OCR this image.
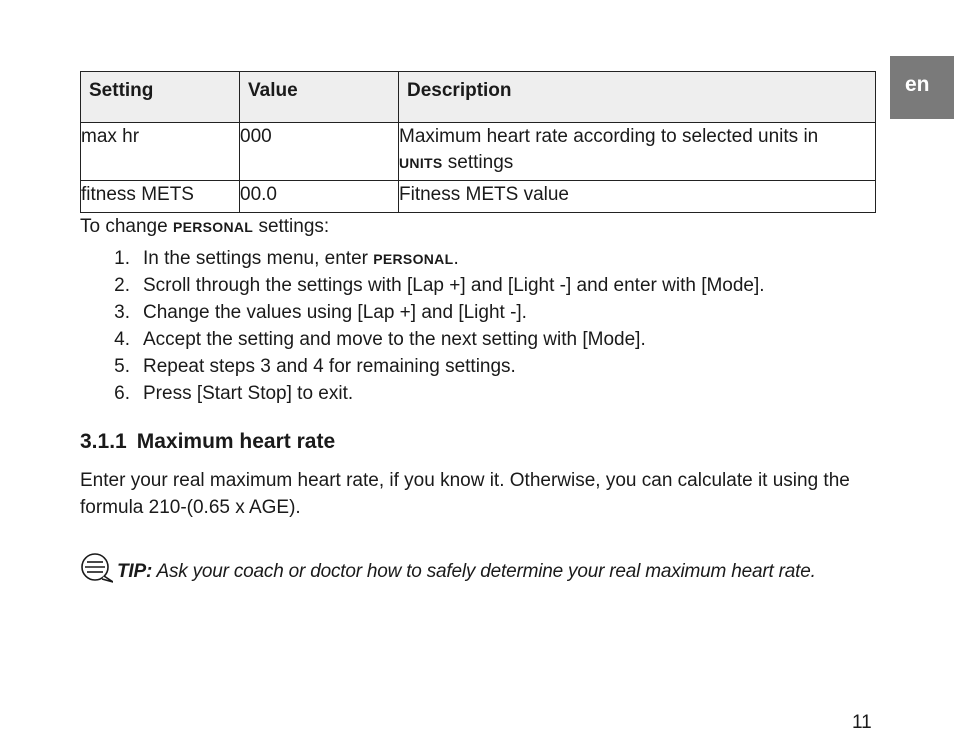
en
Setting	Value	Description
max hr	000	Maximum heart rate according to selected units in
UNITS settings
fitness METS	00.0	Fitness METS value
To change PERSONAL settings:
1. In the settings menu, enter PERSONAL.
2. Scroll through the settings with [Lap +] and [Light -] and enter with [Mode].
3. Change the values using [Lap +] and [Light -].
4. Accept the setting and move to the next setting with [Mode].
5. Repeat steps 3 and 4 for remaining settings.
6. Press [Start Stop] to exit.
3.1.1 Maximum heart rate

Enter your real maximum heart rate, if you know it. Otherwise, you can calculate it using the formula 210-(0.65 x AGE).

TIP: Ask your coach or doctor how to safely determine your real maximum heart rate.
11
